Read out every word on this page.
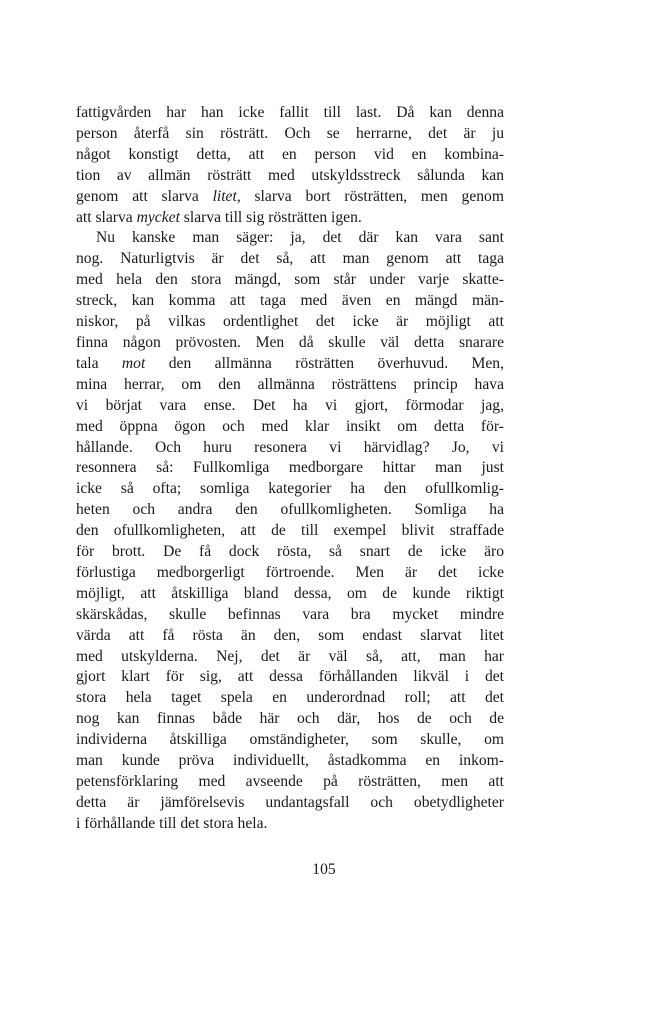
fattigvården har han icke fallit till last. Då kan denna
person återfå sin rösträtt. Och se herrarne, det är ju
något konstigt detta, att en person vid en kombina-
tion av allmän rösträtt med utskyldsstreck sålunda kan
genom att slarva litet, slarva bort rösträtten, men genom
att slarva mycket slarva till sig rösträtten igen.
Nu kanske man säger: ja, det där kan vara sant
nog. Naturligtvis är det så, att man genom att taga
med hela den stora mängd, som står under varje skatte-
streck, kan komma att taga med även en mängd män-
niskor, på vilkas ordentlighet det icke är möjligt att
finna någon prövosten. Men då skulle väl detta snarare
tala mot den allmänna rösträtten överhuvud. Men,
mina herrar, om den allmänna rösträttens princip hava
vi börjat vara ense. Det ha vi gjort, förmodar jag,
med öppna ögon och med klar insikt om detta för-
hållande. Och huru resonera vi härvidlag? Jo, vi
resonnera så: Fullkomliga medborgare hittar man just
icke så ofta; somliga kategorier ha den ofullkomlig-
heten och andra den ofullkomligheten. Somliga ha
den ofullkomligheten, att de till exempel blivit straffade
för brott. De få dock rösta, så snart de icke äro
förlustiga medborgerligt förtroende. Men är det icke
möjligt, att åtskilliga bland dessa, om de kunde riktigt
skärskådas, skulle befinnas vara bra mycket mindre
värda att få rösta än den, som endast slarvat litet
med utskylderna. Nej, det är väl så, att, man har
gjort klart för sig, att dessa förhållanden likväl i det
stora hela taget spela en underordnad roll; att det
nog kan finnas både här och där, hos de och de
individerna åtskilliga omständigheter, som skulle, om
man kunde pröva individuellt, åstadkomma en inkom-
petensförklaring med avseende på rösträtten, men att
detta är jämförelsevis undantagsfall och obetydligheter
i förhållande till det stora hela.
105
